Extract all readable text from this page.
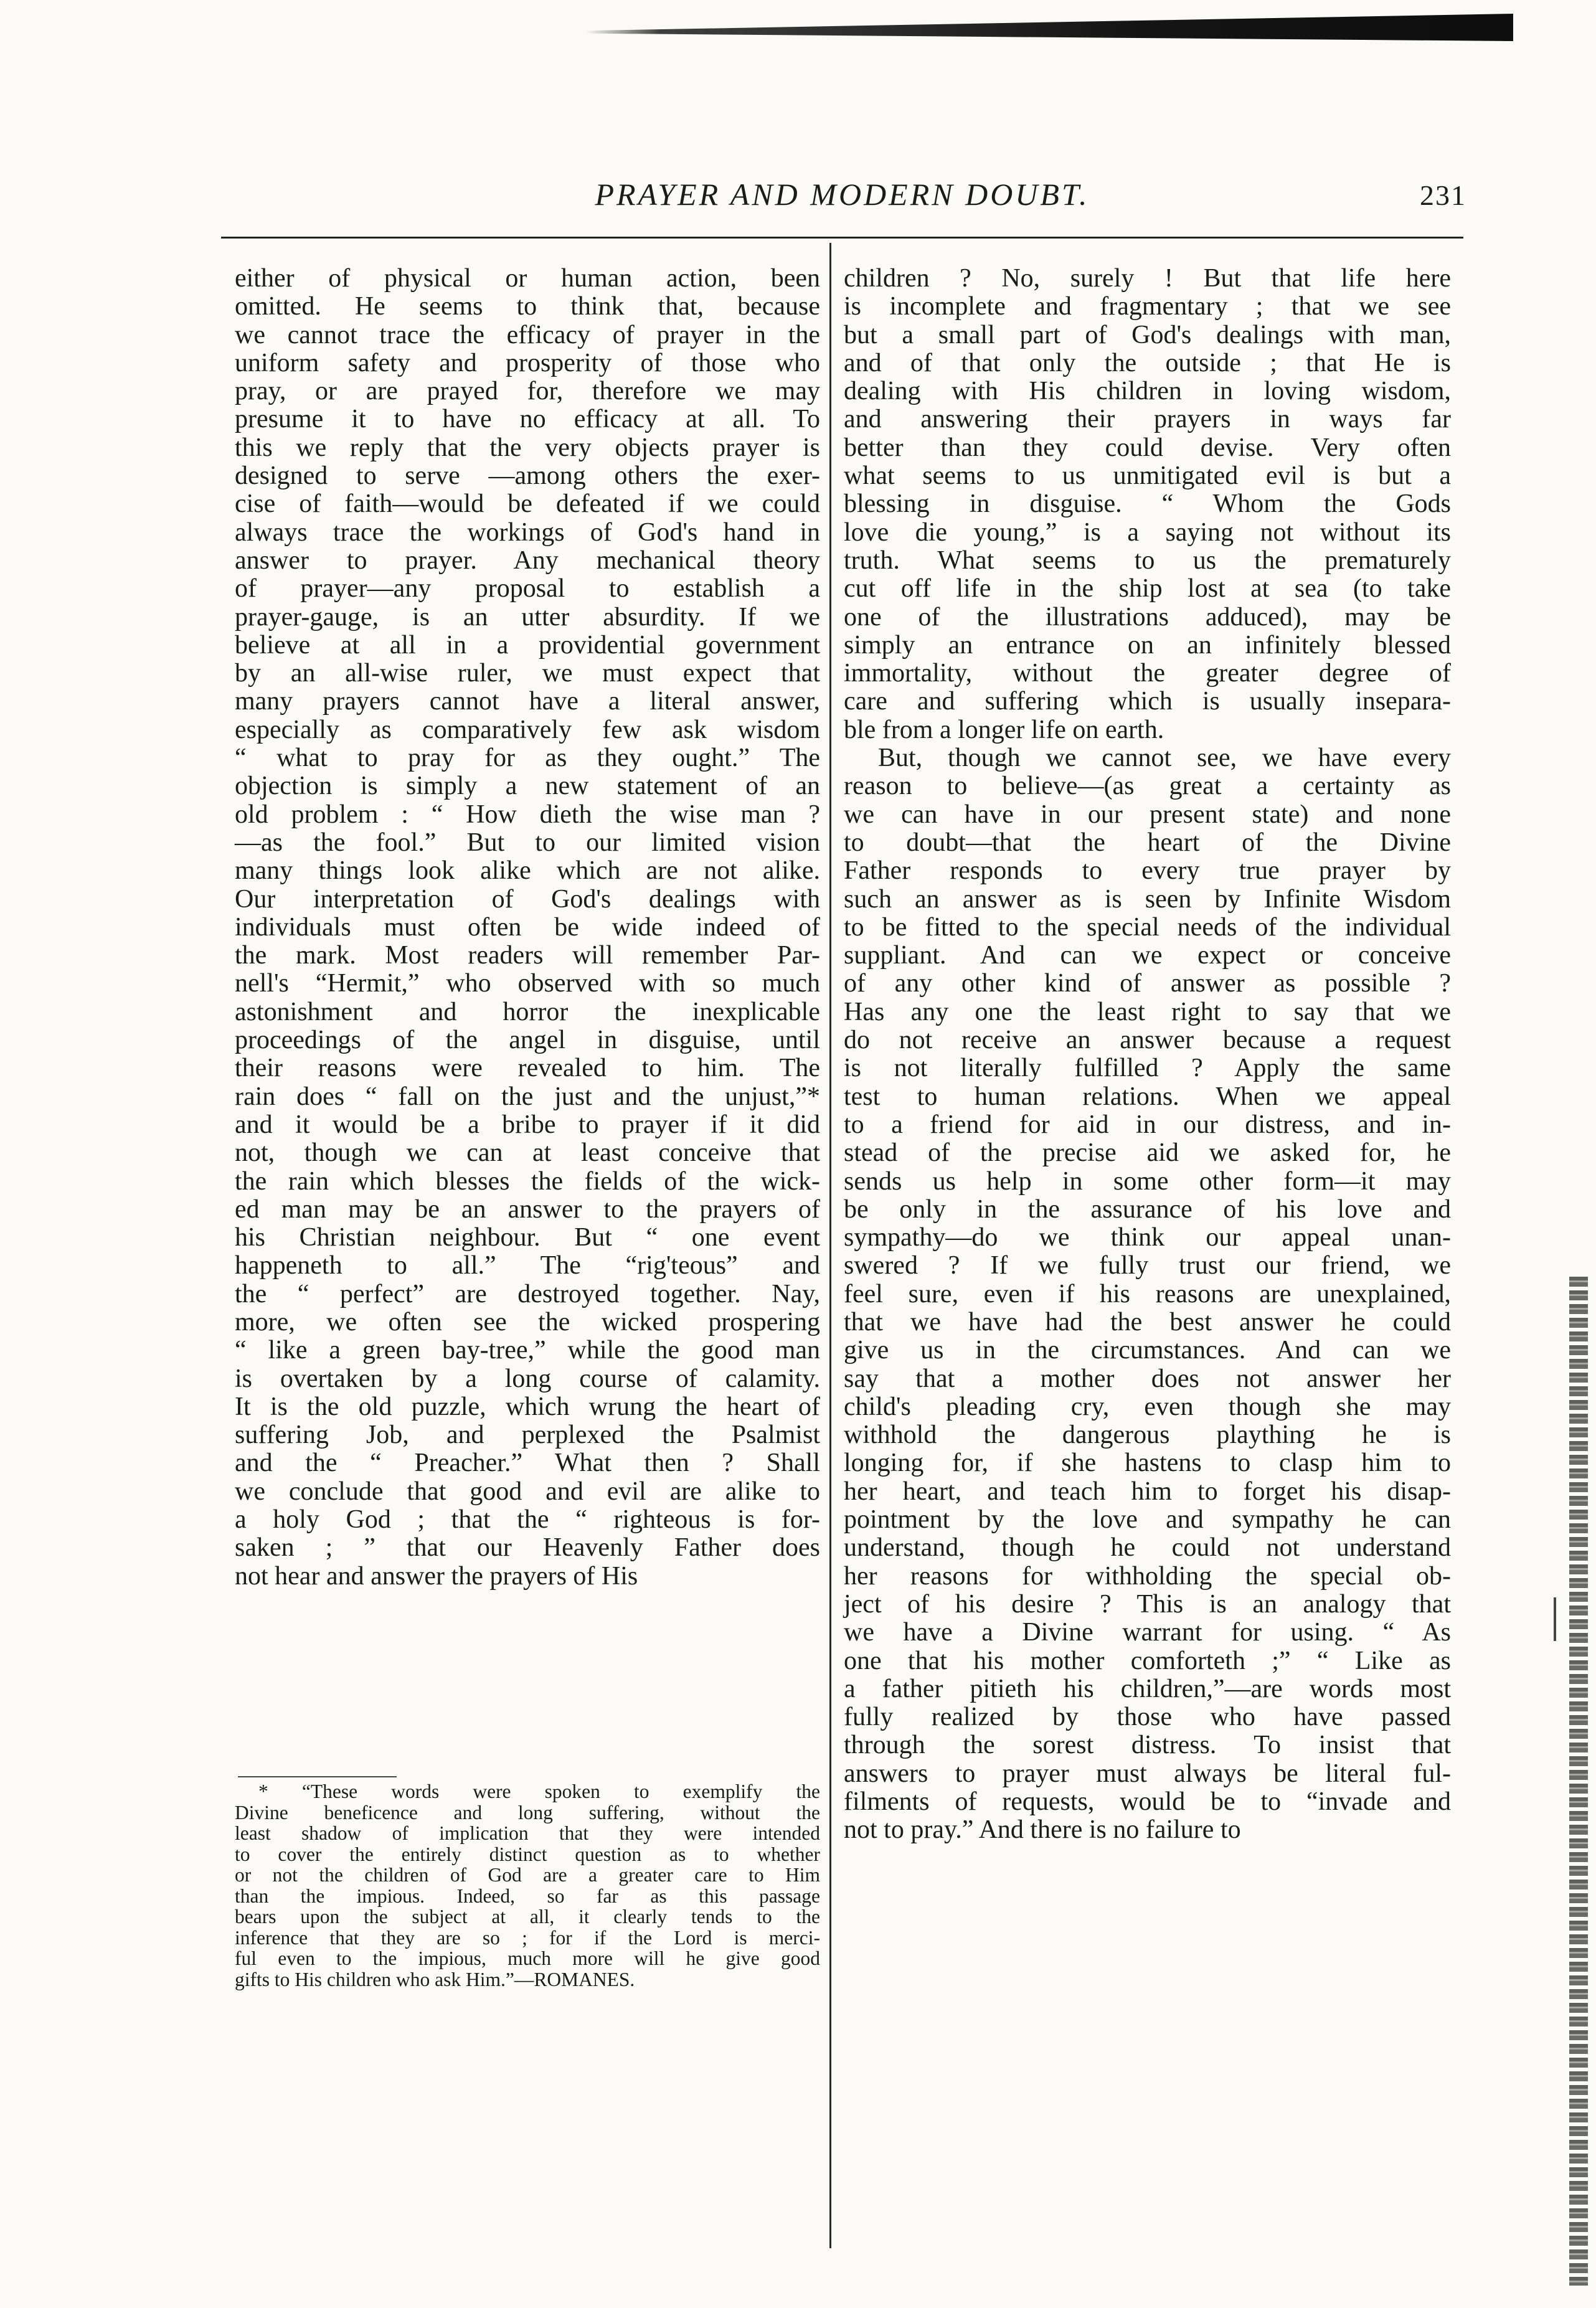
PRAYER AND MODERN DOUBT.	231
either of physical or human action, been
omitted. He seems to think that, because
we cannot trace the efficacy of prayer in the
uniform safety and prosperity of those who
pray, or are prayed for, therefore we may
presume it to have no efficacy at all. To
this we reply that the very objects prayer is
designed to serve —among others the exer-
cise of faith—would be defeated if we could
always trace the workings of God's hand in
answer to prayer. Any mechanical theory
of prayer—any proposal to establish a
prayer-gauge, is an utter absurdity. If we
believe at all in a providential government
by an all-wise ruler, we must expect that
many prayers cannot have a literal answer,
especially as comparatively few ask wisdom
“ what to pray for as they ought.” The
objection is simply a new statement of an
old problem : “ How dieth the wise man ?
—as the fool.” But to our limited vision
many things look alike which are not alike.
Our interpretation of God's dealings with
individuals must often be wide indeed of
the mark. Most readers will remember Par-
nell's “Hermit,” who observed with so much
astonishment and horror the inexplicable
proceedings of the angel in disguise, until
their reasons were revealed to him. The
rain does “ fall on the just and the unjust,”*
and it would be a bribe to prayer if it did
not, though we can at least conceive that
the rain which blesses the fields of the wick-
ed man may be an answer to the prayers of
his Christian neighbour. But “ one event
happeneth to all.” The “rig'teous” and
the “ perfect” are destroyed together. Nay,
more, we often see the wicked prospering
“ like a green bay-tree,” while the good man
is overtaken by a long course of calamity.
It is the old puzzle, which wrung the heart of
suffering Job, and perplexed the Psalmist
and the “ Preacher.” What then ? Shall
we conclude that good and evil are alike to
a holy God ; that the “ righteous is for-
saken ; ” that our Heavenly Father does
not hear and answer the prayers of His
* “These words were spoken to exemplify the
Divine beneficence and long suffering, without the
least shadow of implication that they were intended
to cover the entirely distinct question as to whether
or not the children of God are a greater care to Him
than the impious. Indeed, so far as this passage
bears upon the subject at all, it clearly tends to the
inference that they are so ; for if the Lord is merci-
ful even to the impious, much more will he give good
gifts to His children who ask Him.”—ROMANES.
children ? No, surely ! But that life here
is incomplete and fragmentary ; that we see
but a small part of God's dealings with man,
and of that only the outside ; that He is
dealing with His children in loving wisdom,
and answering their prayers in ways far
better than they could devise. Very often
what seems to us unmitigated evil is but a
blessing in disguise. “ Whom the Gods
love die young,” is a saying not without its
truth. What seems to us the prematurely
cut off life in the ship lost at sea (to take
one of the illustrations adduced), may be
simply an entrance on an infinitely blessed
immortality, without the greater degree of
care and suffering which is usually insepara-
ble from a longer life on earth.
But, though we cannot see, we have every
reason to believe—(as great a certainty as
we can have in our present state) and none
to doubt—that the heart of the Divine
Father responds to every true prayer by
such an answer as is seen by Infinite Wisdom
to be fitted to the special needs of the individual
suppliant. And can we expect or conceive
of any other kind of answer as possible ?
Has any one the least right to say that we
do not receive an answer because a request
is not literally fulfilled ? Apply the same
test to human relations. When we appeal
to a friend for aid in our distress, and in-
stead of the precise aid we asked for, he
sends us help in some other form—it may
be only in the assurance of his love and
sympathy—do we think our appeal unan-
swered ? If we fully trust our friend, we
feel sure, even if his reasons are unexplained,
that we have had the best answer he could
give us in the circumstances. And can we
say that a mother does not answer her
child's pleading cry, even though she may
withhold the dangerous plaything he is
longing for, if she hastens to clasp him to
her heart, and teach him to forget his disap-
pointment by the love and sympathy he can
understand, though he could not understand
her reasons for withholding the special ob-
ject of his desire ? This is an analogy that
we have a Divine warrant for using. “ As
one that his mother comforteth ;” “ Like as
a father pitieth his children,”—are words most
fully realized by those who have passed
through the sorest distress. To insist that
answers to prayer must always be literal ful-
filments of requests, would be to “invade and
not to pray.” And there is no failure to
